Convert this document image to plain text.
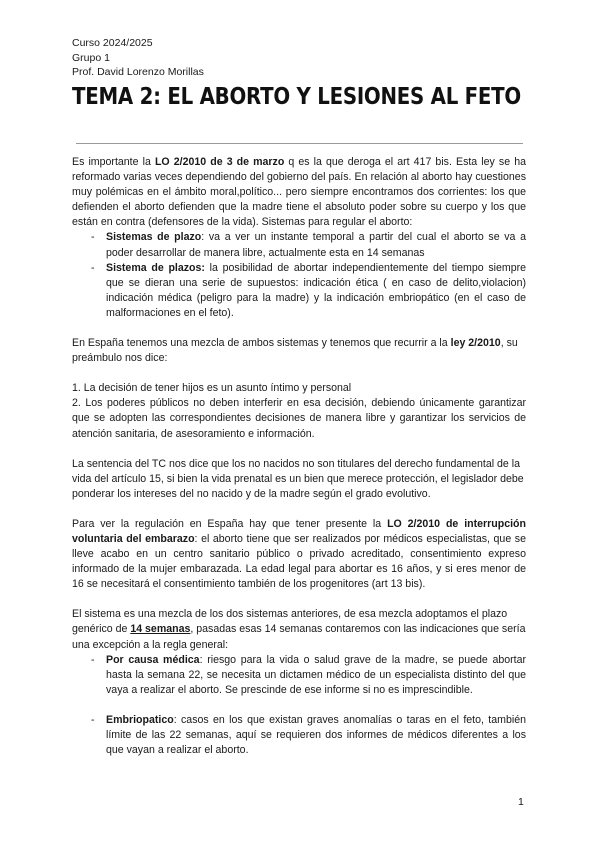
Curso 2024/2025
Grupo 1
Prof. David Lorenzo Morillas
TEMA 2: EL ABORTO Y LESIONES AL FETO

Es importante la LO 2/2010 de 3 de marzo q es la que deroga el art 417 bis. Esta ley se ha reformado varias veces dependiendo del gobierno del país. En relación al aborto hay cuestiones muy polémicas en el ámbito moral,político... pero siempre encontramos dos corrientes: los que defienden el aborto defienden que la madre tiene el absoluto poder sobre su cuerpo y los que están en contra (defensores de la vida). Sistemas para regular el aborto:

- Sistemas de plazo: va a ver un instante temporal a partir del cual el aborto se va a poder desarrollar de manera libre, actualmente esta en 14 semanas
- Sistema de plazos: la posibilidad de abortar independientemente del tiempo siempre que se dieran una serie de supuestos: indicación ética ( en caso de delito,violacion) indicación médica (peligro para la madre) y la indicación embriopático (en el caso de malformaciones en el feto).

En España tenemos una mezcla de ambos sistemas y tenemos que recurrir a la ley 2/2010, su preámbulo nos dice:

1. La decisión de tener hijos es un asunto íntimo y personal
2. Los poderes públicos no deben interferir en esa decisión, debiendo únicamente garantizar que se adopten las correspondientes decisiones de manera libre y garantizar los servicios de atención sanitaria, de asesoramiento e información.

La sentencia del TC nos dice que los no nacidos no son titulares del derecho fundamental de la vida del artículo 15, si bien la vida prenatal es un bien que merece protección, el legislador debe ponderar los intereses del no nacido y de la madre según el grado evolutivo.

Para ver la regulación en España hay que tener presente la LO 2/2010 de interrupción voluntaria del embarazo: el aborto tiene que ser realizados por médicos especialistas, que se lleve acabo en un centro sanitario público o privado acreditado, consentimiento expreso informado de la mujer embarazada. La edad legal para abortar es 16 años, y si eres menor de 16 se necesitará el consentimiento también de los progenitores (art 13 bis).

El sistema es una mezcla de los dos sistemas anteriores, de esa mezcla adoptamos el plazo genérico de 14 semanas, pasadas esas 14 semanas contaremos con las indicaciones que sería una excepción a la regla general:

- Por causa médica: riesgo para la vida o salud grave de la madre, se puede abortar hasta la semana 22, se necesita un dictamen médico de un especialista distinto del que vaya a realizar el aborto. Se prescinde de ese informe si no es imprescindible.
- Embriopatico: casos en los que existan graves anomalías o taras en el feto, también límite de las 22 semanas, aquí se requieren dos informes de médicos diferentes a los que vayan a realizar el aborto.
1
